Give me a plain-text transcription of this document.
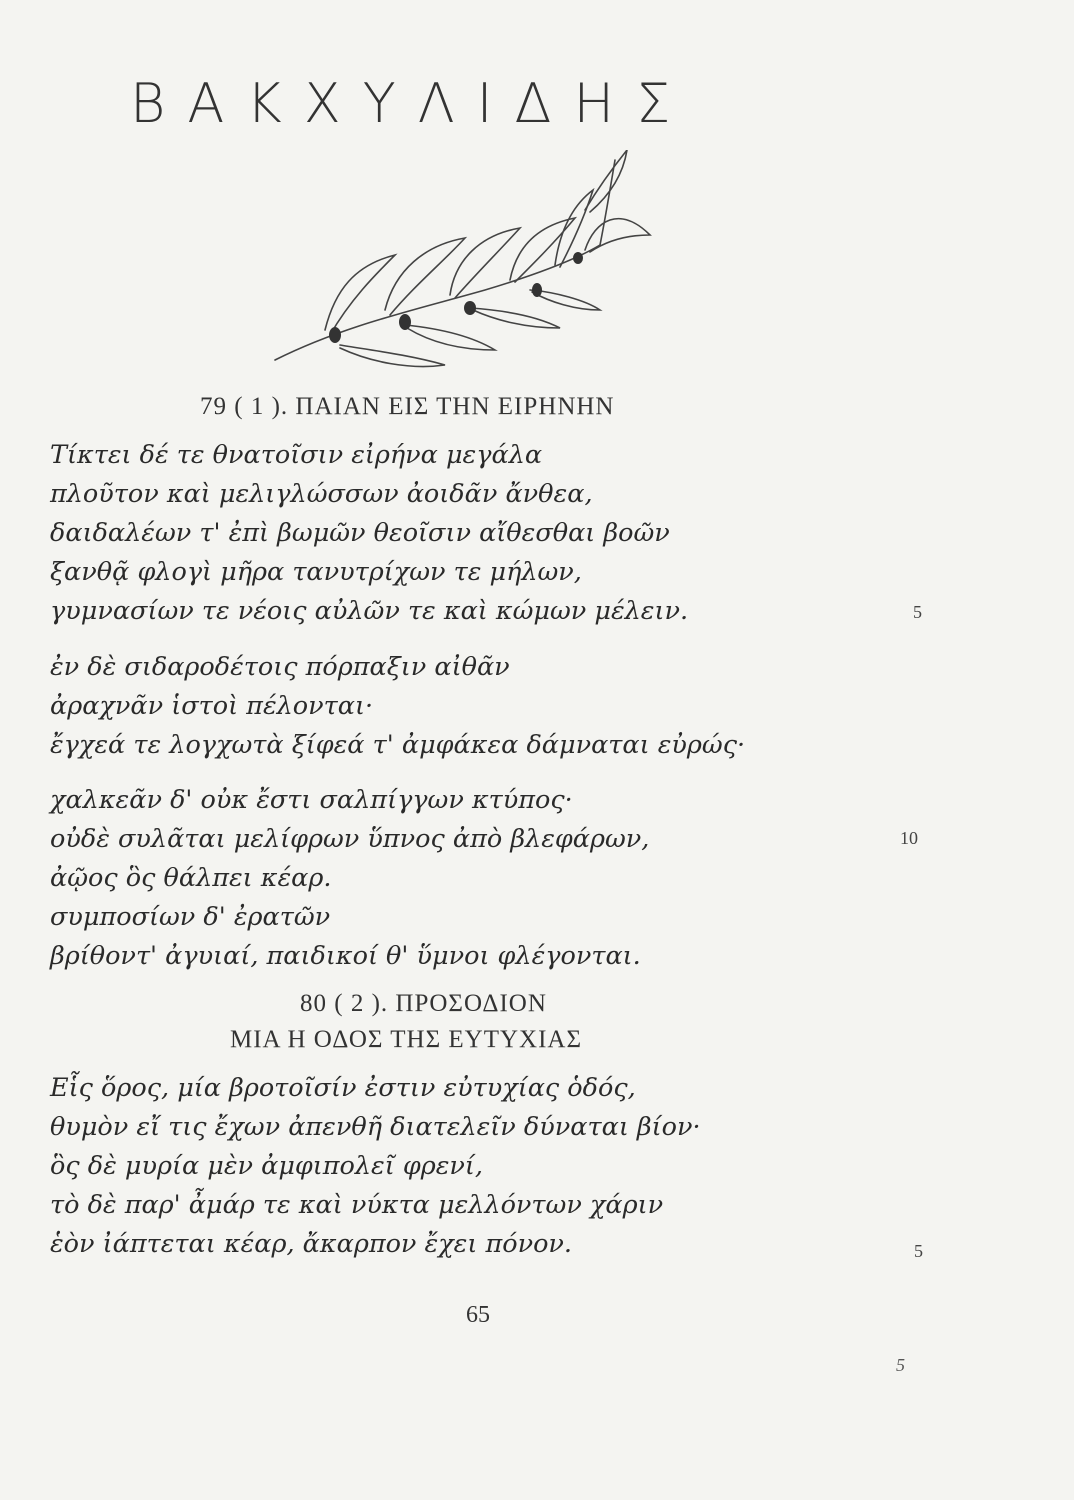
ΒΑΚΧΥΛΙΔΗΣ
79 ( 1 ). ΠΑΙΑΝ ΕΙΣ ΤΗΝ ΕΙΡΗΝΗΝ
Τίκτει δέ τε θνατοῖσιν εἰρήνα μεγάλα
πλοῦτον καὶ μελιγλώσσων ἀοιδᾶν ἄνθεα,
δαιδαλέων τ' ἐπὶ βωμῶν θεοῖσιν αἴθεσθαι βοῶν
ξανθᾷ φλογὶ μῆρα τανυτρίχων τε μήλων,
γυμνασίων τε νέοις αὐλῶν τε καὶ κώμων μέλειν.	5
ἐν δὲ σιδαροδέτοις πόρπαξιν αἰθᾶν
ἀραχνᾶν ἱστοὶ πέλονται·
ἔγχεά τε λογχωτὰ ξίφεά τ' ἀμφάκεα δάμναται εὐρώς·
χαλκεᾶν δ' οὐκ ἔστι σαλπίγγων κτύπος·
οὐδὲ συλᾶται μελίφρων ὕπνος ἀπὸ βλεφάρων,	10
ἀῷος ὃς θάλπει κέαρ.
συμποσίων δ' ἐρατῶν
βρίθοντ' ἀγυιαί, παιδικοί θ' ὕμνοι φλέγονται.
80 ( 2 ). ΠΡΟΣΟΔΙΟΝ
ΜΙΑ Η ΟΔΟΣ ΤΗΣ ΕΥΤΥΧΙΑΣ
Εἷς ὅρος, μία βροτοῖσίν ἐστιν εὐτυχίας ὁδός,
θυμὸν εἴ τις ἔχων ἀπενθῆ διατελεῖν δύναται βίον·
ὃς δὲ μυρία μὲν ἀμφιπολεῖ φρενί,
τὸ δὲ παρ' ἆμάρ τε καὶ νύκτα μελλόντων χάριν
ἑὸν ἰάπτεται κέαρ, ἄκαρπον ἔχει πόνον.	5
65
5
